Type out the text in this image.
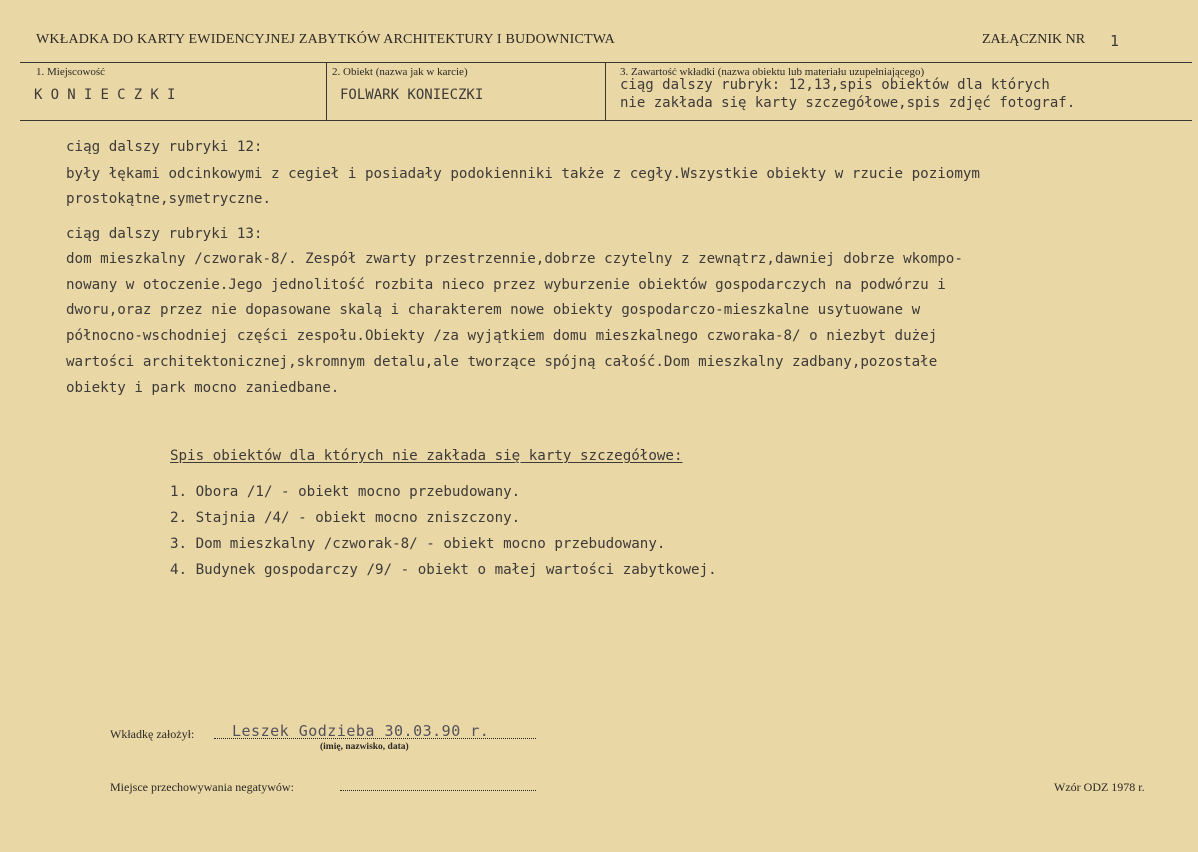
WKŁADKA DO KARTY EWIDENCYJNEJ ZABYTKÓW ARCHITEKTURY I BUDOWNICTWA	ZAŁĄCZNIK NR 1
1. Miejscowość
KONIECZKI
2. Obiekt (nazwa jak w karcie)
FOLWARK KONIECZKI
3. Zawartość wkładki (nazwa obiektu lub materiału uzupełniającego)
ciąg dalszy rubryk: 12,13,spis obiektów dla których
nie zakłada się karty szczegółowe,spis zdjęć fotograf.
ciąg dalszy rubryki 12:
były łękami odcinkowymi z cegieł i posiadały podokienniki także z cegły.Wszystkie obiekty w rzucie poziomym
prostokątne,symetryczne.
ciąg dalszy rubryki 13:
dom mieszkalny /czworak-8/. Zespół zwarty przestrzennie,dobrze czytelny z zewnątrz,dawniej dobrze wkompo-
nowany w otoczenie.Jego jednolitość rozbita nieco przez wyburzenie obiektów gospodarczych na podwórzu i
dworu,oraz przez nie dopasowane skalą i charakterem nowe obiekty gospodarczo-mieszkalne usytuowane w
północno-wschodniej części zespołu.Obiekty /za wyjątkiem domu mieszkalnego czworaka-8/ o niezbyt dużej
wartości architektonicznej,skromnym detalu,ale tworzące spójną całość.Dom mieszkalny zadbany,pozostałe
obiekty i park mocno zaniedbane.
Spis obiektów dla których nie zakłada się karty szczegółowe:
1. Obora /1/ - obiekt mocno przebudowany.
2. Stajnia /4/ - obiekt mocno zniszczony.
3. Dom mieszkalny /czworak-8/ - obiekt mocno przebudowany.
4. Budynek gospodarczy /9/ - obiekt o małej wartości zabytkowej.
Wkładkę założył:	Leszek Godzieba 30.03.90 r.
(imię, nazwisko, data)
Miejsce przechowywania negatywów:	Wzór ODZ 1978 r.
